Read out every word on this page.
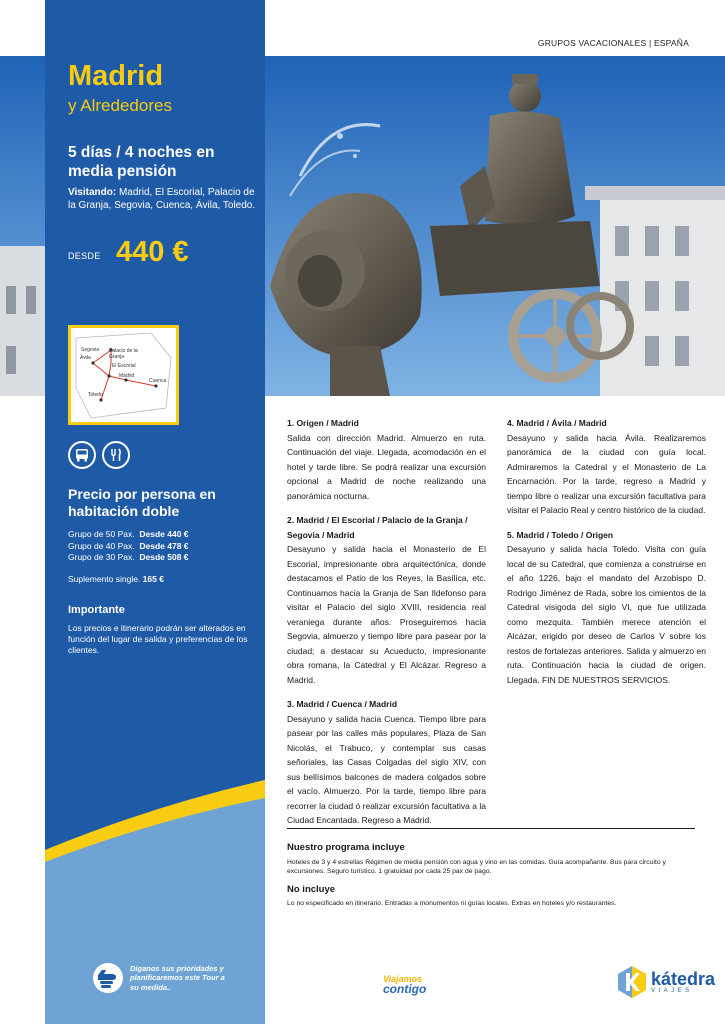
GRUPOS VACACIONALES | ESPAÑA
Madrid
y Alrededores
5 días / 4 noches en media pensión
Visitando: Madrid, El Escorial, Palacio de la Granja, Segovia, Cuenca, Ávila, Toledo.
DESDE 440 €
Segovia Palacio de la Granja
Ávila
El Escorial
Madrid
Cuenca
Toledo
Precio por persona en habitación doble
Grupo de 50 Pax. Desde 440 €
Grupo de 40 Pax. Desde 478 €
Grupo de 30 Pax. Desde 508 €
Suplemento single. 165 €
Importante
Los precios e itinerario podrán ser alterados en función del lugar de salida y preferencias de los clientes.
Díganos sus prioridades y planificaremos este Tour a su medida..
1. Origen / Madrid
Salida con dirección Madrid. Almuerzo en ruta. Continuación del viaje. Llegada, acomodación en el hotel y tarde libre. Se podrá realizar una excursión opcional a Madrid de noche realizando una panorámica nocturna.
2. Madrid / El Escorial / Palacio de la Granja / Segovia / Madrid
Desayuno y salida hacia el Monasterio de El Escorial, impresionante obra arquitectónica, donde destacamos el Patio de los Reyes, la Basílica, etc. Continuamos hacia la Granja de San Ildefonso para visitar el Palacio del siglo XVIII, residencia real veraniega durante años. Proseguiremos hacia Segovia, almuerzo y tiempo libre para pasear por la ciudad; a destacar su Acueducto, impresionante obra romana, la Catedral y El Alcázar. Regreso a Madrid.
3. Madrid / Cuenca / Madrid
Desayuno y salida hacia Cuenca. Tiempo libre para pasear por las calles más populares, Plaza de San Nicolás, el Trabuco, y contemplar sus casas señoriales, las Casas Colgadas del siglo XIV, con sus bellísimos balcones de madera colgados sobre el vacío. Almuerzo. Por la tarde, tiempo libre para recorrer la ciudad ó realizar excursión facultativa a la Ciudad Encantada. Regreso a Madrid.
4. Madrid / Ávila / Madrid
Desayuno y salida hacia Ávila. Realizaremos panorámica de la ciudad con guía local. Admiraremos la Catedral y el Monasterio de La Encarnación. Por la tarde, regreso a Madrid y tiempo libre o realizar una excursión facultativa para visitar el Palacio Real y centro histórico de la ciudad.
5. Madrid / Toledo / Origen
Desayuno y salida hacia Toledo. Visita con guía local de su Catedral, que comienza a construirse en el año 1226, bajo el mandato del Arzobispo D. Rodrigo Jiménez de Rada, sobre los cimientos de la Catedral visigoda del siglo VI, que fue utilizada como mezquita. También merece atención el Alcázar, erigido por deseo de Carlos V sobre los restos de fortalezas anteriores. Salida y almuerzo en ruta. Continuación hacia la ciudad de origen. Llegada. FIN DE NUESTROS SERVICIOS.
Nuestro programa incluye
Hoteles de 3 y 4 estrellas Régimen de media pensión con agua y vino en las comidas. Guía acompañante. Bus para circuito y excursiones. Seguro turístico. 1 gratuidad por cada 25 pax de pago.
No incluye
Lo no especificado en itinerario. Entradas a monumentos ni guías locales. Extras en hoteles y/o restaurantes.
Viajamos
contigo	kátedra
VIAJES
